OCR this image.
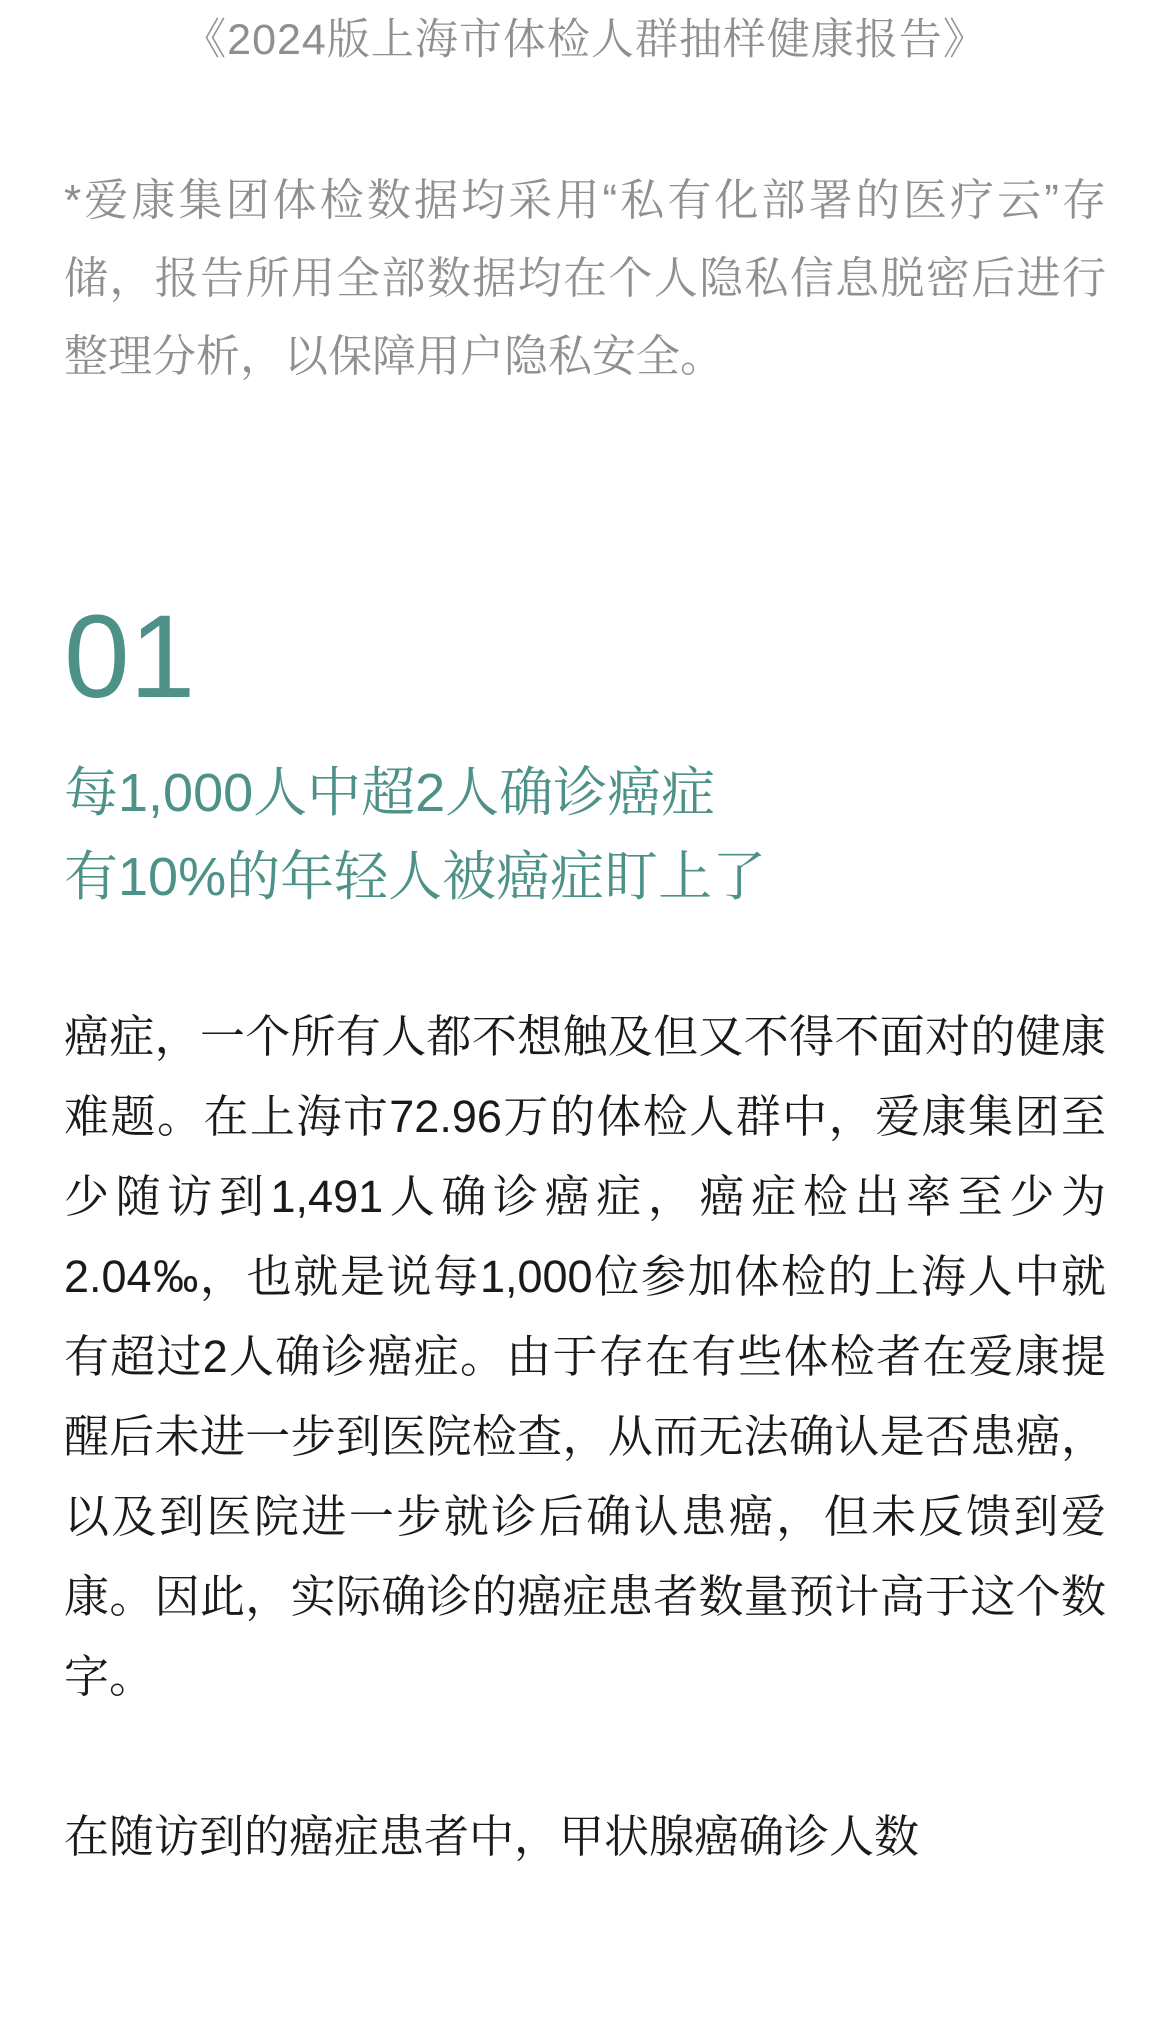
《2024版上海市体检人群抽样健康报告》
*爱康集团体检数据均采用“私有化部署的医疗云”存储，报告所用全部数据均在个人隐私信息脱密后进行整理分析，以保障用户隐私安全。
01
每1,000人中超2人确诊癌症
有10%的年轻人被癌症盯上了
癌症，一个所有人都不想触及但又不得不面对的健康难题。在上海市72.96万的体检人群中，爱康集团至少随访到1,491人确诊癌症，癌症检出率至少为2.04‰，也就是说每1,000位参加体检的上海人中就有超过2人确诊癌症。由于存在有些体检者在爱康提醒后未进一步到医院检查，从而无法确认是否患癌，以及到医院进一步就诊后确认患癌，但未反馈到爱康。因此，实际确诊的癌症患者数量预计高于这个数字。
在随访到的癌症患者中，甲状腺癌确诊人数
